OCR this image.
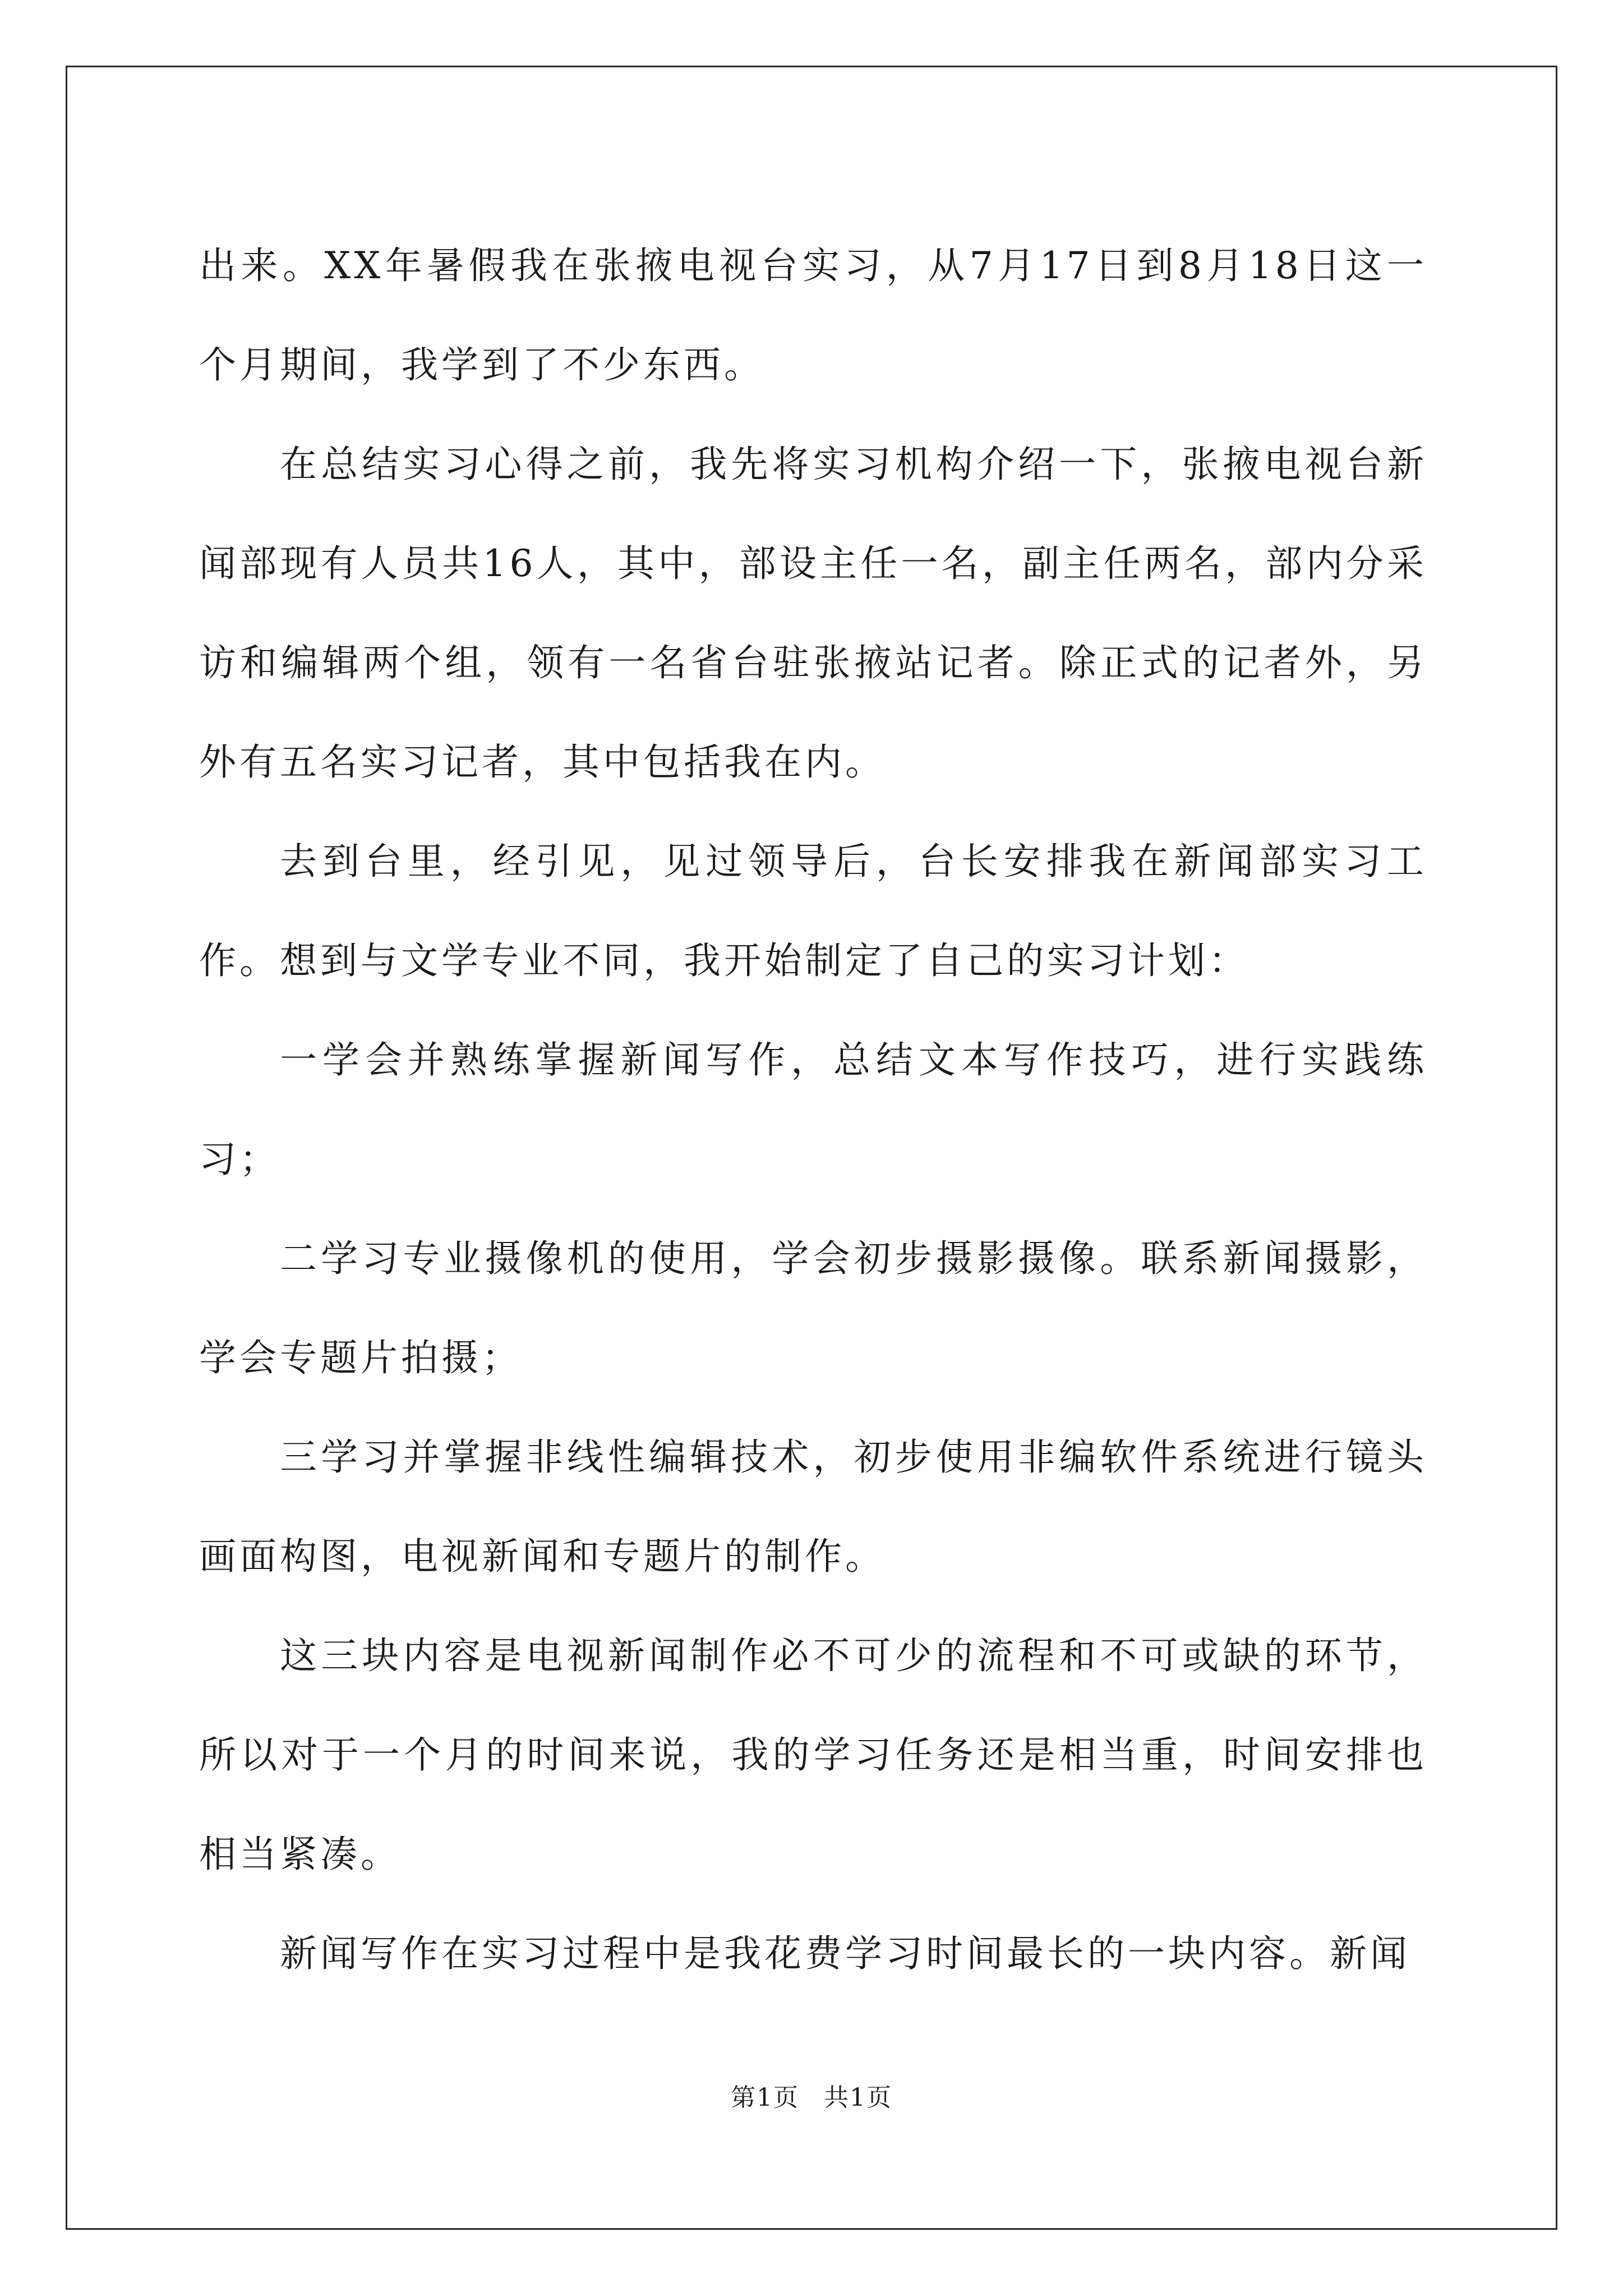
出来。XX年暑假我在张掖电视台实习，从7月17日到8月18日这一个月期间，我学到了不少东西。

在总结实习心得之前，我先将实习机构介绍一下，张掖电视台新闻部现有人员共16人，其中，部设主任一名，副主任两名，部内分采访和编辑两个组，领有一名省台驻张掖站记者。除正式的记者外，另外有五名实习记者，其中包括我在内。

去到台里，经引见，见过领导后，台长安排我在新闻部实习工作。想到与文学专业不同，我开始制定了自己的实习计划：

一学会并熟练掌握新闻写作，总结文本写作技巧，进行实践练习；

二学习专业摄像机的使用，学会初步摄影摄像。联系新闻摄影，学会专题片拍摄；

三学习并掌握非线性编辑技术，初步使用非编软件系统进行镜头画面构图，电视新闻和专题片的制作。

这三块内容是电视新闻制作必不可少的流程和不可或缺的环节，所以对于一个月的时间来说，我的学习任务还是相当重，时间安排也相当紧凑。

新闻写作在实习过程中是我花费学习时间最长的一块内容。新闻

第1页 共1页
